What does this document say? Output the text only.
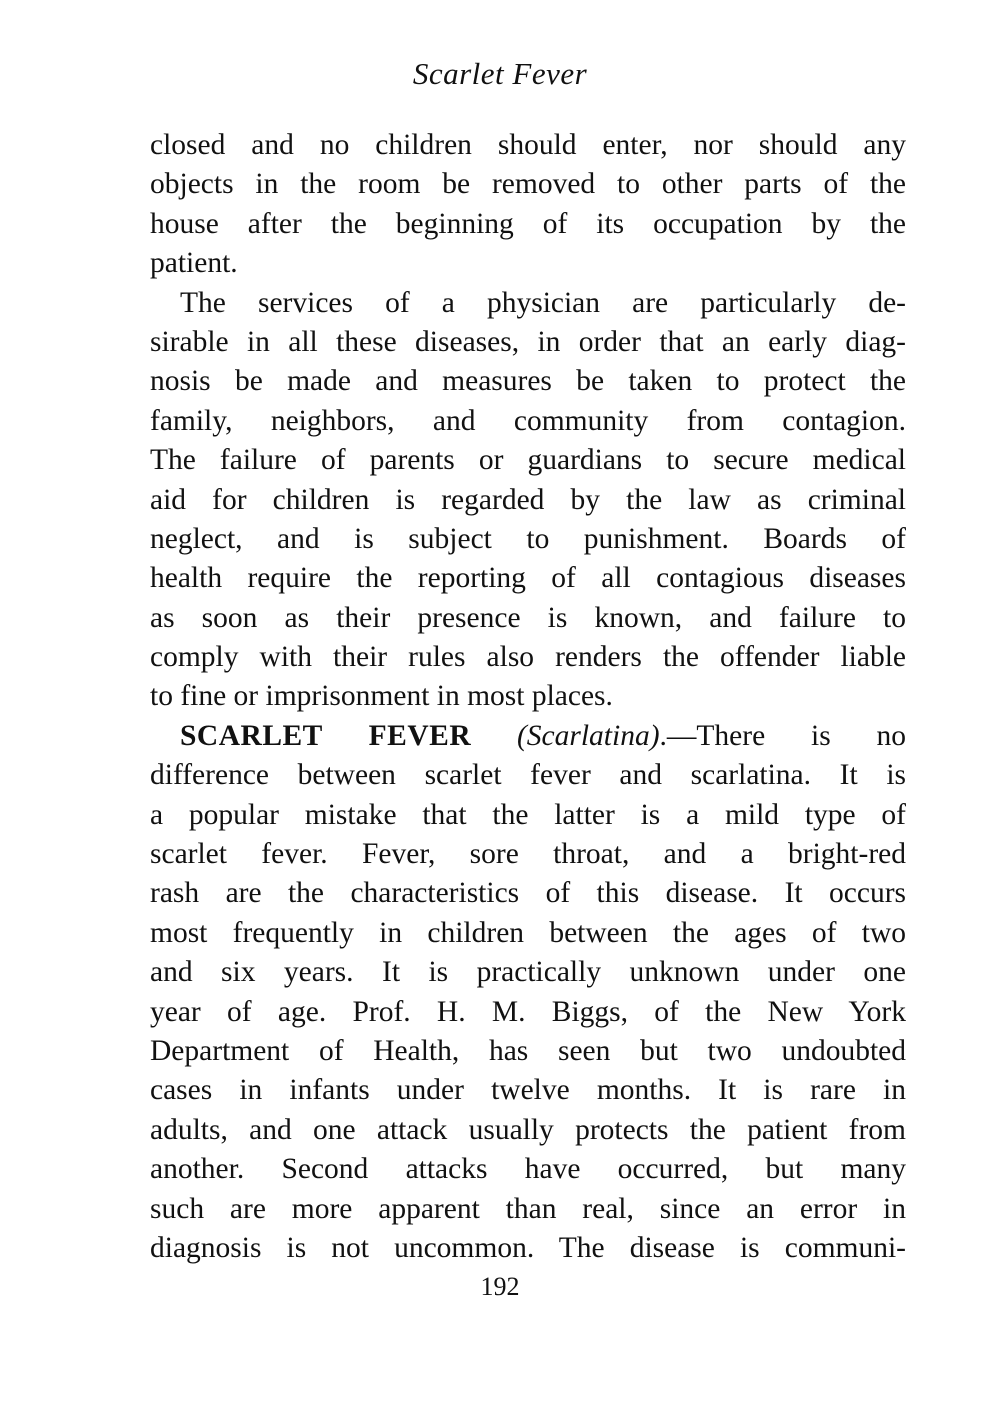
Scarlet Fever
closed and no children should enter, nor should any
objects in the room be removed to other parts of the
house after the beginning of its occupation by the
patient.
The services of a physician are particularly de-
sirable in all these diseases, in order that an early diag-
nosis be made and measures be taken to protect the
family, neighbors, and community from contagion.
The failure of parents or guardians to secure medical
aid for children is regarded by the law as criminal
neglect, and is subject to punishment. Boards of
health require the reporting of all contagious diseases
as soon as their presence is known, and failure to
comply with their rules also renders the offender liable
to fine or imprisonment in most places.
SCARLET FEVER (Scarlatina).—There is no
difference between scarlet fever and scarlatina. It is
a popular mistake that the latter is a mild type of
scarlet fever. Fever, sore throat, and a bright-red
rash are the characteristics of this disease. It occurs
most frequently in children between the ages of two
and six years. It is practically unknown under one
year of age. Prof. H. M. Biggs, of the New York
Department of Health, has seen but two undoubted
cases in infants under twelve months. It is rare in
adults, and one attack usually protects the patient from
another. Second attacks have occurred, but many
such are more apparent than real, since an error in
diagnosis is not uncommon. The disease is communi-
192
